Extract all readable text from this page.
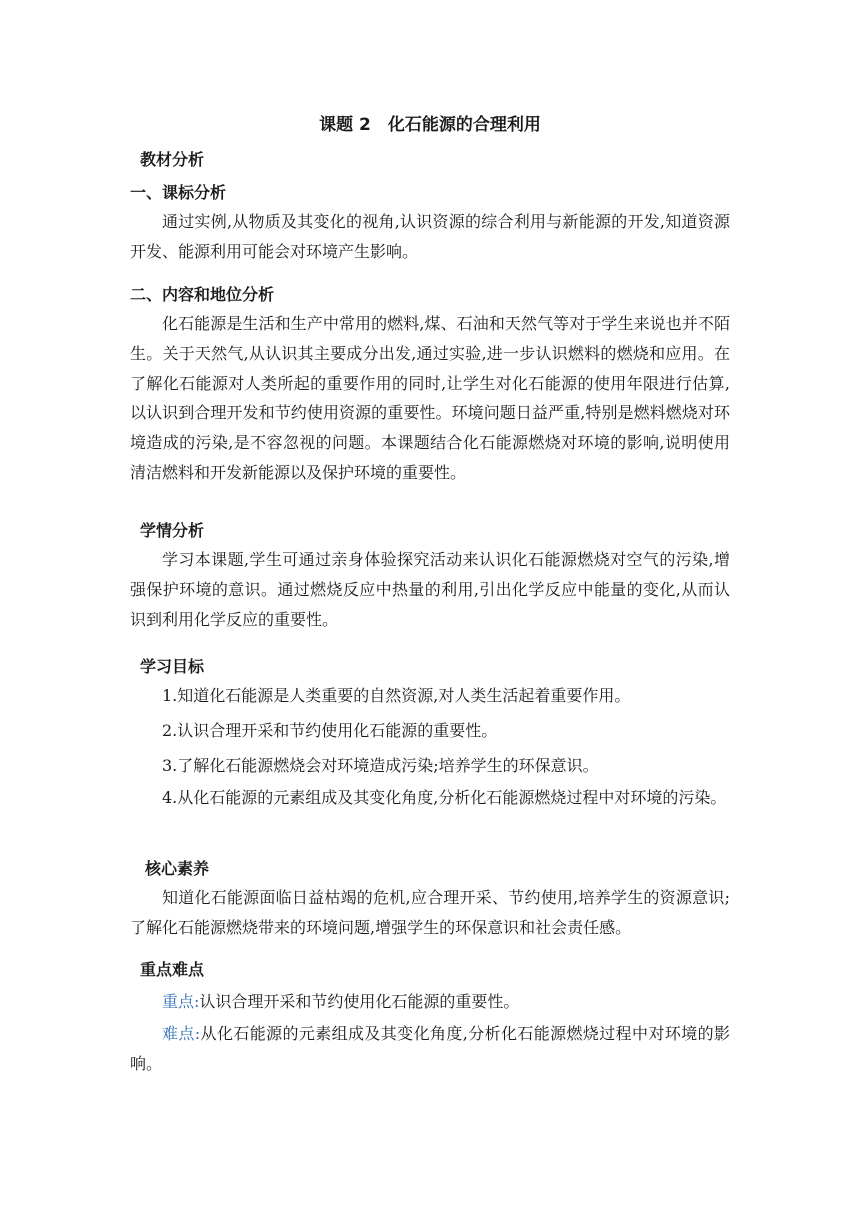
课题 2　化石能源的合理利用
教材分析
一、课标分析
通过实例,从物质及其变化的视角,认识资源的综合利用与新能源的开发,知道资源开发、能源利用可能会对环境产生影响。
二、内容和地位分析
化石能源是生活和生产中常用的燃料,煤、石油和天然气等对于学生来说也并不陌生。关于天然气,从认识其主要成分出发,通过实验,进一步认识燃料的燃烧和应用。在了解化石能源对人类所起的重要作用的同时,让学生对化石能源的使用年限进行估算,以认识到合理开发和节约使用资源的重要性。环境问题日益严重,特别是燃料燃烧对环境造成的污染,是不容忽视的问题。本课题结合化石能源燃烧对环境的影响,说明使用清洁燃料和开发新能源以及保护环境的重要性。
学情分析
学习本课题,学生可通过亲身体验探究活动来认识化石能源燃烧对空气的污染,增强保护环境的意识。通过燃烧反应中热量的利用,引出化学反应中能量的变化,从而认识到利用化学反应的重要性。
学习目标
1.知道化石能源是人类重要的自然资源,对人类生活起着重要作用。
2.认识合理开采和节约使用化石能源的重要性。
3.了解化石能源燃烧会对环境造成污染;培养学生的环保意识。
4.从化石能源的元素组成及其变化角度,分析化石能源燃烧过程中对环境的污染。
核心素养
知道化石能源面临日益枯竭的危机,应合理开采、节约使用,培养学生的资源意识;了解化石能源燃烧带来的环境问题,增强学生的环保意识和社会责任感。
重点难点
重点:认识合理开采和节约使用化石能源的重要性。
难点:从化石能源的元素组成及其变化角度,分析化石能源燃烧过程中对环境的影响。
